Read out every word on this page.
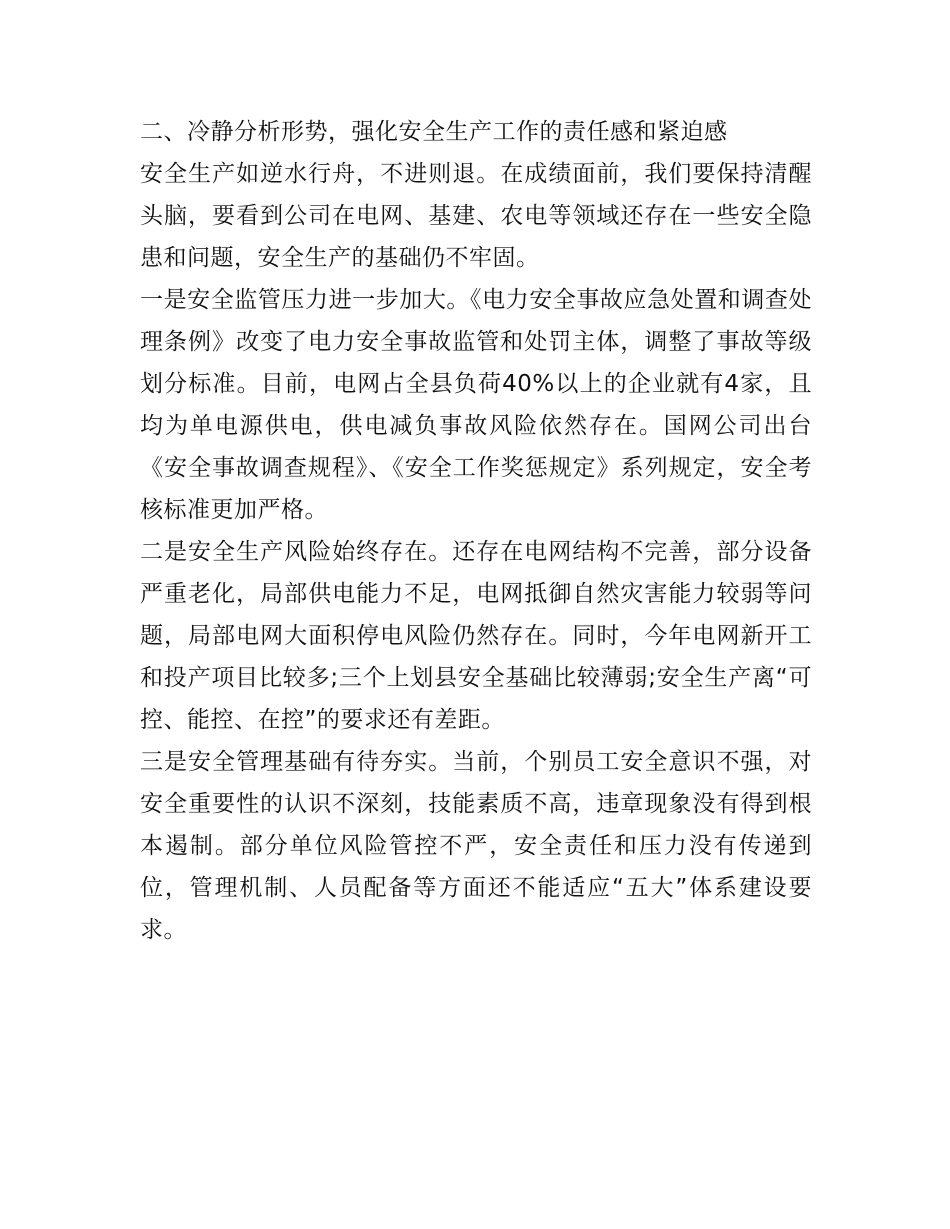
二、冷静分析形势，强化安全生产工作的责任感和紧迫感

安全生产如逆水行舟，不进则退。在成绩面前，我们要保持清醒头脑，要看到公司在电网、基建、农电等领域还存在一些安全隐患和问题，安全生产的基础仍不牢固。

一是安全监管压力进一步加大。《电力安全事故应急处置和调查处理条例》改变了电力安全事故监管和处罚主体，调整了事故等级划分标准。目前，电网占全县负荷40%以上的企业就有4家，且均为单电源供电，供电减负事故风险依然存在。国网公司出台《安全事故调查规程》、《安全工作奖惩规定》系列规定，安全考核标准更加严格。

二是安全生产风险始终存在。还存在电网结构不完善，部分设备严重老化，局部供电能力不足，电网抵御自然灾害能力较弱等问题，局部电网大面积停电风险仍然存在。同时，今年电网新开工和投产项目比较多;三个上划县安全基础比较薄弱;安全生产离“可控、能控、在控”的要求还有差距。

三是安全管理基础有待夯实。当前，个别员工安全意识不强，对安全重要性的认识不深刻，技能素质不高，违章现象没有得到根本遏制。部分单位风险管控不严，安全责任和压力没有传递到位，管理机制、人员配备等方面还不能适应“五大”体系建设要求。
